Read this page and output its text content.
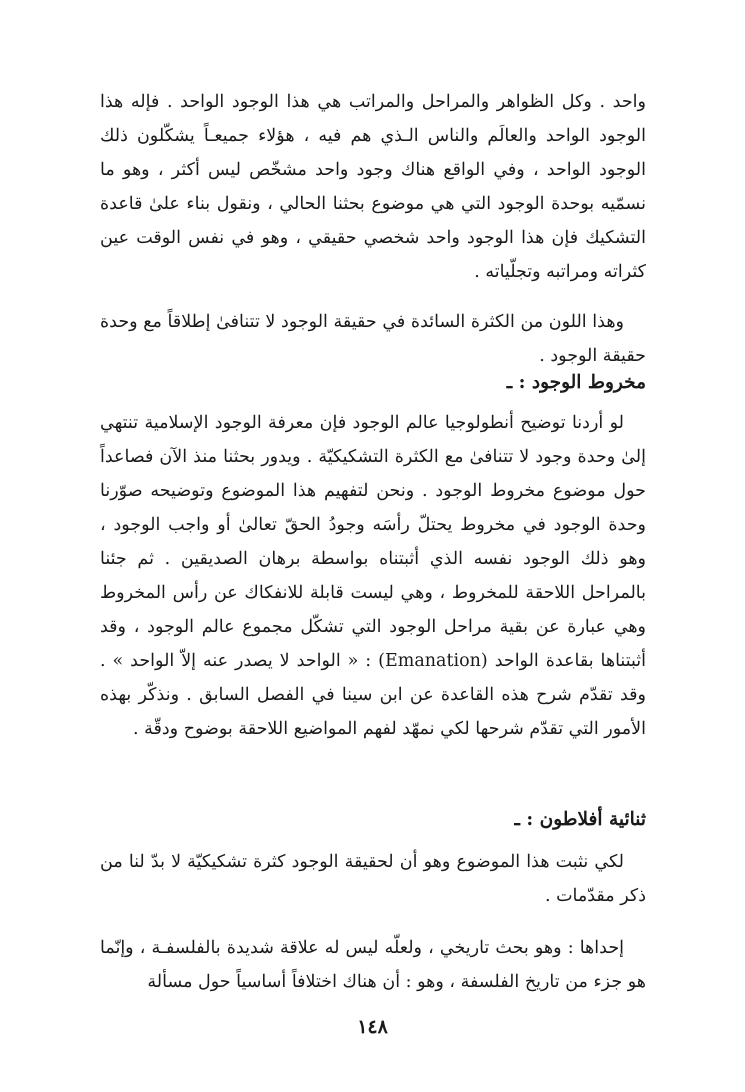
واحد . وكل الظواهر والمراحل والمراتب هي هذا الوجود الواحد . فإله هذا الوجود الواحد والعالَم والناس الـذي هم فيه ، هؤلاء جميعـاً يشكّلون ذلك الوجود الواحد ، وفي الواقع هناك وجود واحد مشخّص ليس أكثر ، وهو ما نسمّيه بوحدة الوجود التي هي موضوع بحثنا الحالي ، ونقول بناء علىٰ قاعدة التشكيك فإن هذا الوجود واحد شخصي حقيقي ، وهو في نفس الوقت عين كثراته ومراتبه وتجلّياته .

وهذا اللون من الكثرة السائدة في حقيقة الوجود لا تتنافىٰ إطلاقاً مع وحدة حقيقة الوجود .

مخروط الوجود : ـ

لو أردنا توضيح أنطولوجيا عالم الوجود فإن معرفة الوجود الإسلامية تنتهي إلىٰ وحدة وجود لا تتنافىٰ مع الكثرة التشكيكيّة . ويدور بحثنا منذ الآن فصاعداً حول موضوع مخروط الوجود . ونحن لتفهيم هذا الموضوع وتوضيحه صوّرنا وحدة الوجود في مخروط يحتلّ رأسَه وجودُ الحقّ تعالىٰ أو واجب الوجود ، وهو ذلك الوجود نفسه الذي أثبتناه بواسطة برهان الصديقين . ثم جئنا بالمراحل اللاحقة للمخروط ، وهي ليست قابلة للانفكاك عن رأس المخروط وهي عبارة عن بقية مراحل الوجود التي تشكّل مجموع عالم الوجود ، وقد أثبتناها بقاعدة الواحد (Emanation) : « الواحد لا يصدر عنه إلاّ الواحد » . وقد تقدّم شرح هذه القاعدة عن ابن سينا في الفصل السابق . ونذكّر بهذه الأمور التي تقدّم شرحها لكي نمهّد لفهم المواضيع اللاحقة بوضوح ودقّة .

ثنائية أفلاطون : ـ

لكي نثبت هذا الموضوع وهو أن لحقيقة الوجود كثرة تشكيكيّة لا بدّ لنا من ذكر مقدّمات .

إحداها : وهو بحث تاريخي ، ولعلّه ليس له علاقة شديدة بالفلسفـة ، وإنّما هو جزء من تاريخ الفلسفة ، وهو : أن هناك اختلافاً أساسياً حول مسألة

١٤٨
